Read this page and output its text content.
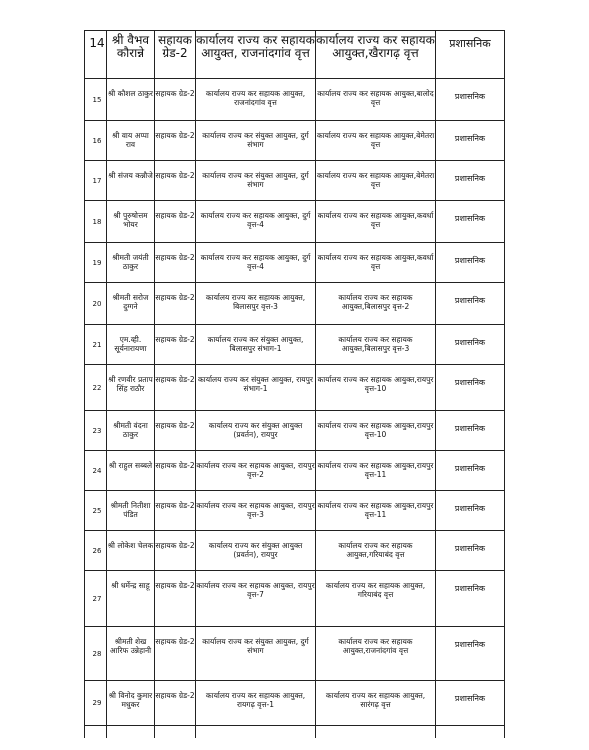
14	श्री वैभव कौरान्ने	सहायक ग्रेड-2	कार्यालय राज्य कर सहायक आयुक्त, राजनांदगांव वृत्त	कार्यालय राज्य कर सहायक आयुक्त,खैरागढ़ वृत्त	प्रशासनिक
15	श्री कौशल ठाकुर	सहायक ग्रेड-2	कार्यालय राज्य कर सहायक आयुक्त, राजनांदगांव वृत्त	कार्यालय राज्य कर सहायक आयुक्त,बालोद वृत्त	प्रशासनिक
16	श्री वाय अप्पा राव	सहायक ग्रेड-2	कार्यालय राज्य कर संयुक्त आयुक्त, दुर्ग संभाग	कार्यालय राज्य कर सहायक आयुक्त,बेमेतरा वृत्त	प्रशासनिक
17	श्री संजय कन्नौजे	सहायक ग्रेड-2	कार्यालय राज्य कर संयुक्त आयुक्त, दुर्ग संभाग	कार्यालय राज्य कर सहायक आयुक्त,बेमेतरा वृत्त	प्रशासनिक
18	श्री पुरुषोत्तम भोयर	सहायक ग्रेड-2	कार्यालय राज्य कर सहायक आयुक्त, दुर्ग वृत्त-4	कार्यालय राज्य कर सहायक आयुक्त,कवर्धा वृत्त	प्रशासनिक
19	श्रीमती जयंती ठाकुर	सहायक ग्रेड-2	कार्यालय राज्य कर सहायक आयुक्त, दुर्ग वृत्त-4	कार्यालय राज्य कर सहायक आयुक्त,कवर्धा वृत्त	प्रशासनिक
20	श्रीमती सरोज दुग्गने	सहायक ग्रेड-2	कार्यालय राज्य कर सहायक आयुक्त, बिलासपुर वृत्त-3	कार्यालय राज्य कर सहायक आयुक्त,बिलासपुर वृत्त-2	प्रशासनिक
21	एम.व्ही. सूर्यनारायणा	सहायक ग्रेड-2	कार्यालय राज्य कर संयुक्त आयुक्त, बिलासपुर संभाग-1	कार्यालय राज्य कर सहायक आयुक्त,बिलासपुर वृत्त-3	प्रशासनिक
22	श्री रणवीर प्रताप सिंह राठौर	सहायक ग्रेड-2	कार्यालय राज्य कर संयुक्त आयुक्त, रायपुर संभाग-1	कार्यालय राज्य कर सहायक आयुक्त,रायपुर वृत्त-10	प्रशासनिक
23	श्रीमती वंदना ठाकुर	सहायक ग्रेड-2	कार्यालय राज्य कर संयुक्त आयुक्त (प्रवर्तन), रायपुर	कार्यालय राज्य कर सहायक आयुक्त,रायपुर वृत्त-10	प्रशासनिक
24	श्री राहुल सब्बले	सहायक ग्रेड-2	कार्यालय राज्य कर सहायक आयुक्त, रायपुर वृत्त-2	कार्यालय राज्य कर सहायक आयुक्त,रायपुर वृत्त-11	प्रशासनिक
25	श्रीमती नितीशा पंडित	सहायक ग्रेड-2	कार्यालय राज्य कर सहायक आयुक्त, रायपुर वृत्त-3	कार्यालय राज्य कर सहायक आयुक्त,रायपुर वृत्त-11	प्रशासनिक
26	श्री लोकेश चेलक	सहायक ग्रेड-2	कार्यालय राज्य कर संयुक्त आयुक्त (प्रवर्तन), रायपुर	कार्यालय राज्य कर सहायक आयुक्त,गरियाबंद वृत्त	प्रशासनिक
27	श्री धर्मेन्द्र साहू	सहायक ग्रेड-2	कार्यालय राज्य कर सहायक आयुक्त, रायपुर वृत्त-7	कार्यालय राज्य कर सहायक आयुक्त, गरियाबंद वृत्त	प्रशासनिक
28	श्रीमती शेख आरिफ उन्नेहानी	सहायक ग्रेड-2	कार्यालय राज्य कर संयुक्त आयुक्त, दुर्ग संभाग	कार्यालय राज्य कर सहायक आयुक्त,राजनांदगांव वृत्त	प्रशासनिक
29	श्री विनोद कुमार मधुकर	सहायक ग्रेड-2	कार्यालय राज्य कर सहायक आयुक्त, रायगढ़ वृत्त-1	कार्यालय राज्य कर सहायक आयुक्त, सारंगढ़ वृत्त	प्रशासनिक
